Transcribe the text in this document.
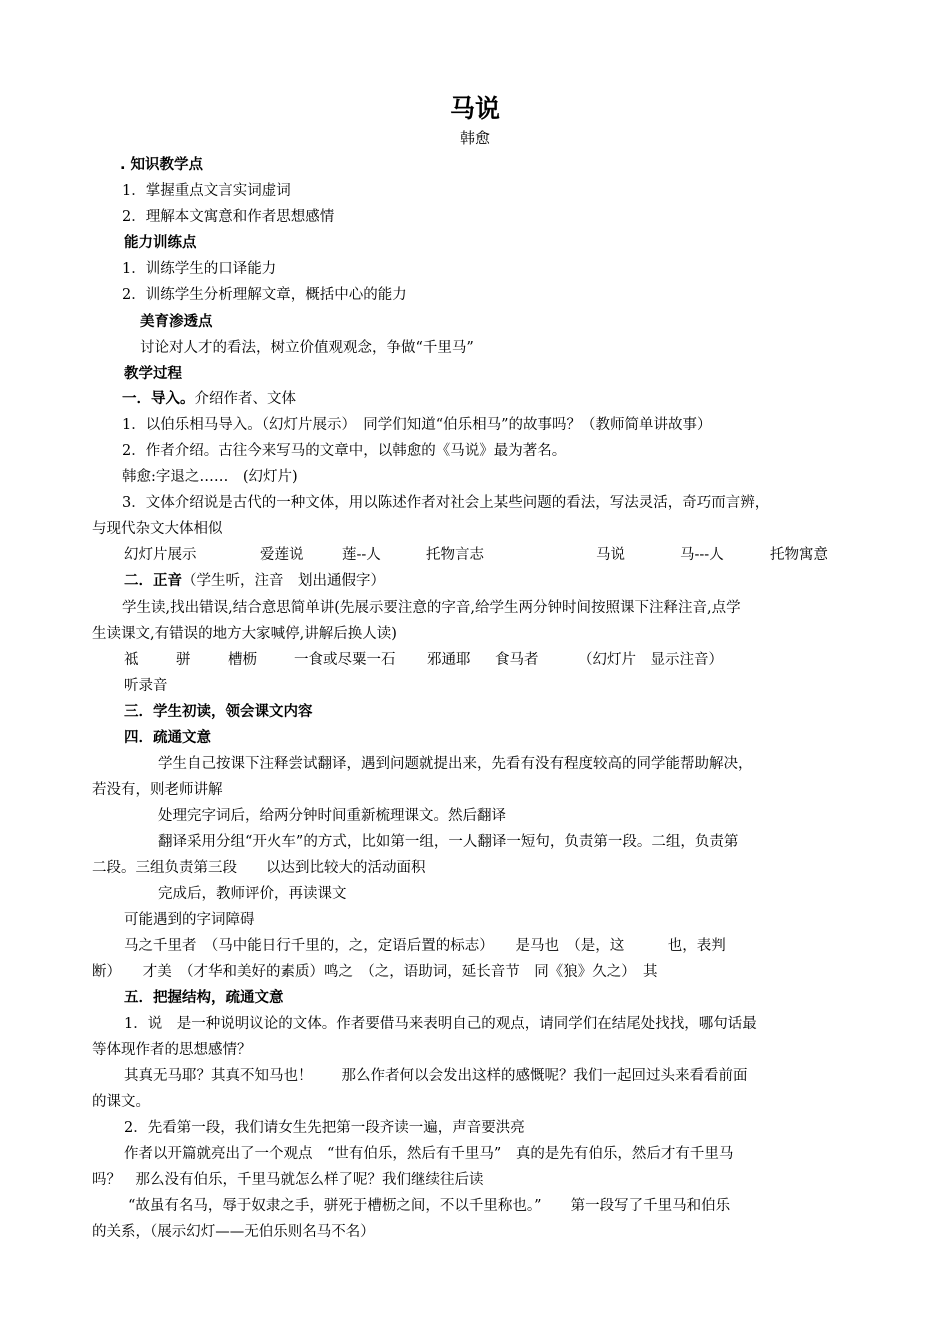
马说
韩愈
. 知识教学点
1．掌握重点文言实词虚词
2．理解本文寓意和作者思想感情
能力训练点
1．训练学生的口译能力
2．训练学生分析理解文章，概括中心的能力
美育渗透点
讨论对人才的看法，树立价值观观念，争做“千里马”
教学过程
一．导入。介绍作者、文体
1．以伯乐相马导入。（幻灯片展示）　同学们知道“伯乐相马”的故事吗？（教师简单讲故事）
2．作者介绍。古往今来写马的文章中，以韩愈的《马说》最为著名。
韩愈:字退之……　(幻灯片)
3．文体介绍说是古代的一种文体，用以陈述作者对社会上某些问题的看法，写法灵活，奇巧而言辨，
与现代杂文大体相似
幻灯片展示	爱莲说	莲--人	托物言志	马说	马---人	托物寓意
二．正音（学生听，注音　划出通假字）
学生读,找出错误,结合意思简单讲(先展示要注意的字音,给学生两分钟时间按照课下注释注音,点学
生读课文,有错误的地方大家喊停,讲解后换人读)
祗	骈	槽枥	一食或尽粟一石 邪通耶 食马者	（幻灯片　显示注音）
听录音
三．学生初读，领会课文内容
四．疏通文意
学生自己按课下注释尝试翻译，遇到问题就提出来，先看有没有程度较高的同学能帮助解决，
若没有，则老师讲解
处理完字词后，给两分钟时间重新梳理课文。然后翻译
翻译采用分组“开火车”的方式，比如第一组，一人翻译一短句，负责第一段。二组，负责第
二段。三组负责第三段　　以达到比较大的活动面积
完成后，教师评价，再读课文
可能遇到的字词障碍
马之千里者　（马中能日行千里的，之，定语后置的标志）　　是马也　（是，这　　　也，表判
断）　　才美　（才华和美好的素质）鸣之　（之，语助词，延长音节　同《狼》久之）　其
五．把握结构，疏通文意
1．说　是一种说明议论的文体。作者要借马来表明自己的观点，请同学们在结尾处找找，哪句话最
等体现作者的思想感情？
其真无马耶？其真不知马也！　　那么作者何以会发出这样的感慨呢？我们一起回过头来看看前面
的课文。
2．先看第一段，我们请女生先把第一段齐读一遍，声音要洪亮
作者以开篇就亮出了一个观点　“世有伯乐，然后有千里马”　真的是先有伯乐，然后才有千里马
吗？　那么没有伯乐，千里马就怎么样了呢？我们继续往后读
“故虽有名马，辱于奴隶之手，骈死于槽枥之间，不以千里称也。”　　第一段写了千里马和伯乐
的关系，（展示幻灯——无伯乐则名马不名）
